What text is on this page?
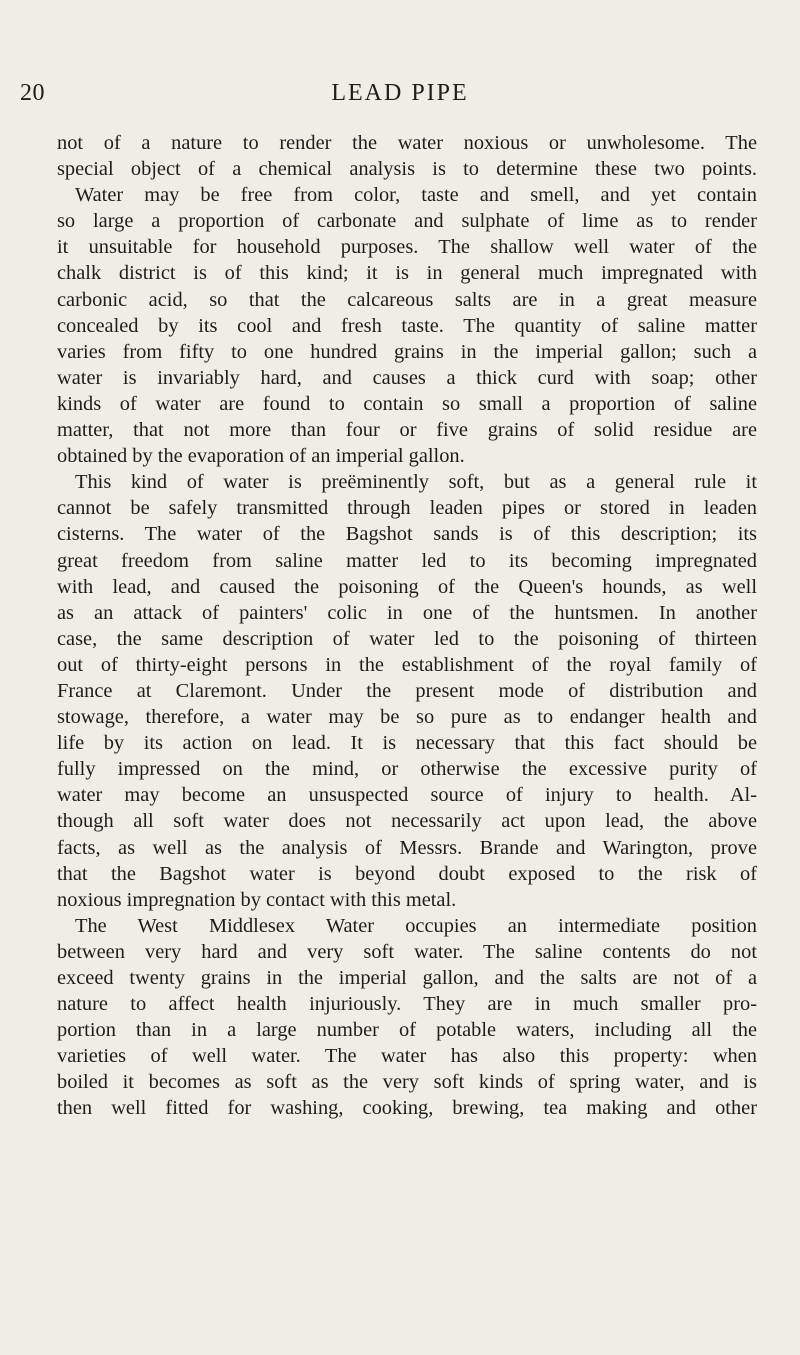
20	LEAD PIPE
not of a nature to render the water noxious or unwholesome. The
special object of a chemical analysis is to determine these two points.
Water may be free from color, taste and smell, and yet contain
so large a proportion of carbonate and sulphate of lime as to render
it unsuitable for household purposes. The shallow well water of the
chalk district is of this kind; it is in general much impregnated with
carbonic acid, so that the calcareous salts are in a great measure
concealed by its cool and fresh taste. The quantity of saline matter
varies from fifty to one hundred grains in the imperial gallon; such a
water is invariably hard, and causes a thick curd with soap; other
kinds of water are found to contain so small a proportion of saline
matter, that not more than four or five grains of solid residue are
obtained by the evaporation of an imperial gallon.
This kind of water is preëminently soft, but as a general rule it
cannot be safely transmitted through leaden pipes or stored in leaden
cisterns. The water of the Bagshot sands is of this description; its
great freedom from saline matter led to its becoming impregnated
with lead, and caused the poisoning of the Queen's hounds, as well
as an attack of painters' colic in one of the huntsmen. In another
case, the same description of water led to the poisoning of thirteen
out of thirty-eight persons in the establishment of the royal family of
France at Claremont. Under the present mode of distribution and
stowage, therefore, a water may be so pure as to endanger health and
life by its action on lead. It is necessary that this fact should be
fully impressed on the mind, or otherwise the excessive purity of
water may become an unsuspected source of injury to health. Al-
though all soft water does not necessarily act upon lead, the above
facts, as well as the analysis of Messrs. Brande and Warington, prove
that the Bagshot water is beyond doubt exposed to the risk of
noxious impregnation by contact with this metal.
The West Middlesex Water occupies an intermediate position
between very hard and very soft water. The saline contents do not
exceed twenty grains in the imperial gallon, and the salts are not of a
nature to affect health injuriously. They are in much smaller pro-
portion than in a large number of potable waters, including all the
varieties of well water. The water has also this property: when
boiled it becomes as soft as the very soft kinds of spring water, and is
then well fitted for washing, cooking, brewing, tea making and other
